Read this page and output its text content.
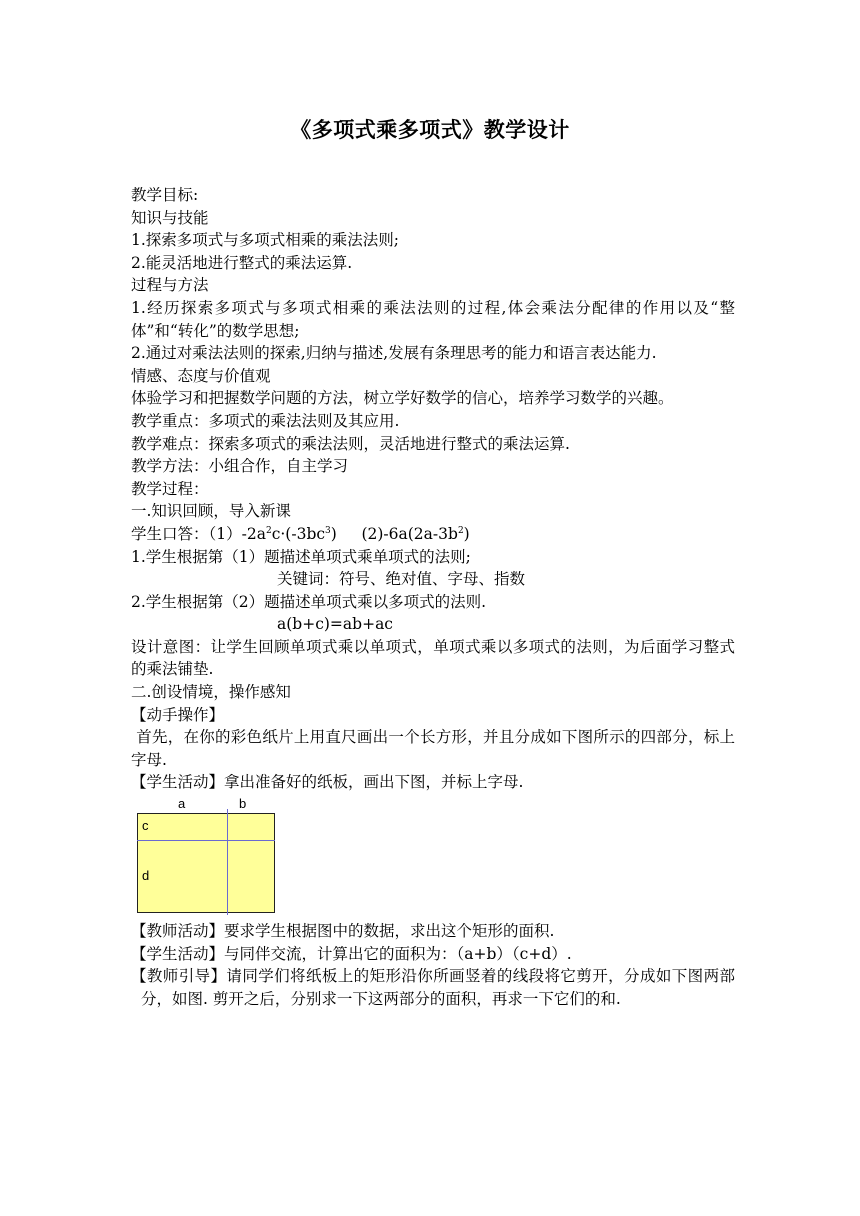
《多项式乘多项式》教学设计
教学目标:
知识与技能
1.探索多项式与多项式相乘的乘法法则;
2.能灵活地进行整式的乘法运算.
过程与方法
1.经历探索多项式与多项式相乘的乘法法则的过程,体会乘法分配律的作用以及“整体”和“转化”的数学思想;
2.通过对乘法法则的探索,归纳与描述,发展有条理思考的能力和语言表达能力.
情感、态度与价值观
体验学习和把握数学问题的方法，树立学好数学的信心，培养学习数学的兴趣。
教学重点：多项式的乘法法则及其应用.
教学难点：探索多项式的乘法法则，灵活地进行整式的乘法运算.
教学方法：小组合作，自主学习
教学过程：
一.知识回顾，导入新课
学生口答：$(1)-2a^2c\cdot(-3bc^3)$     $(2)-6a(2a-3b^2)$
1.学生根据第（1）题描述单项式乘单项式的法则;
关键词：符号、绝对值、字母、指数
2.学生根据第（2）题描述单项式乘以多项式的法则.
a(b+c)=ab+ac
设计意图：让学生回顾单项式乘以单项式，单项式乘以多项式的法则，为后面学习整式的乘法铺垫.
二.创设情境，操作感知
【动手操作】
首先，在你的彩色纸片上用直尺画出一个长方形，并且分成如下图所示的四部分，标上字母.
【学生活动】拿出准备好的纸板，画出下图，并标上字母.
a	b
c
d
【教师活动】要求学生根据图中的数据，求出这个矩形的面积.
【学生活动】与同伴交流，计算出它的面积为：（a+b）（c+d）.
【教师引导】请同学们将纸板上的矩形沿你所画竖着的线段将它剪开，分成如下图两部分，如图. 剪开之后，分别求一下这两部分的面积，再求一下它们的和.
